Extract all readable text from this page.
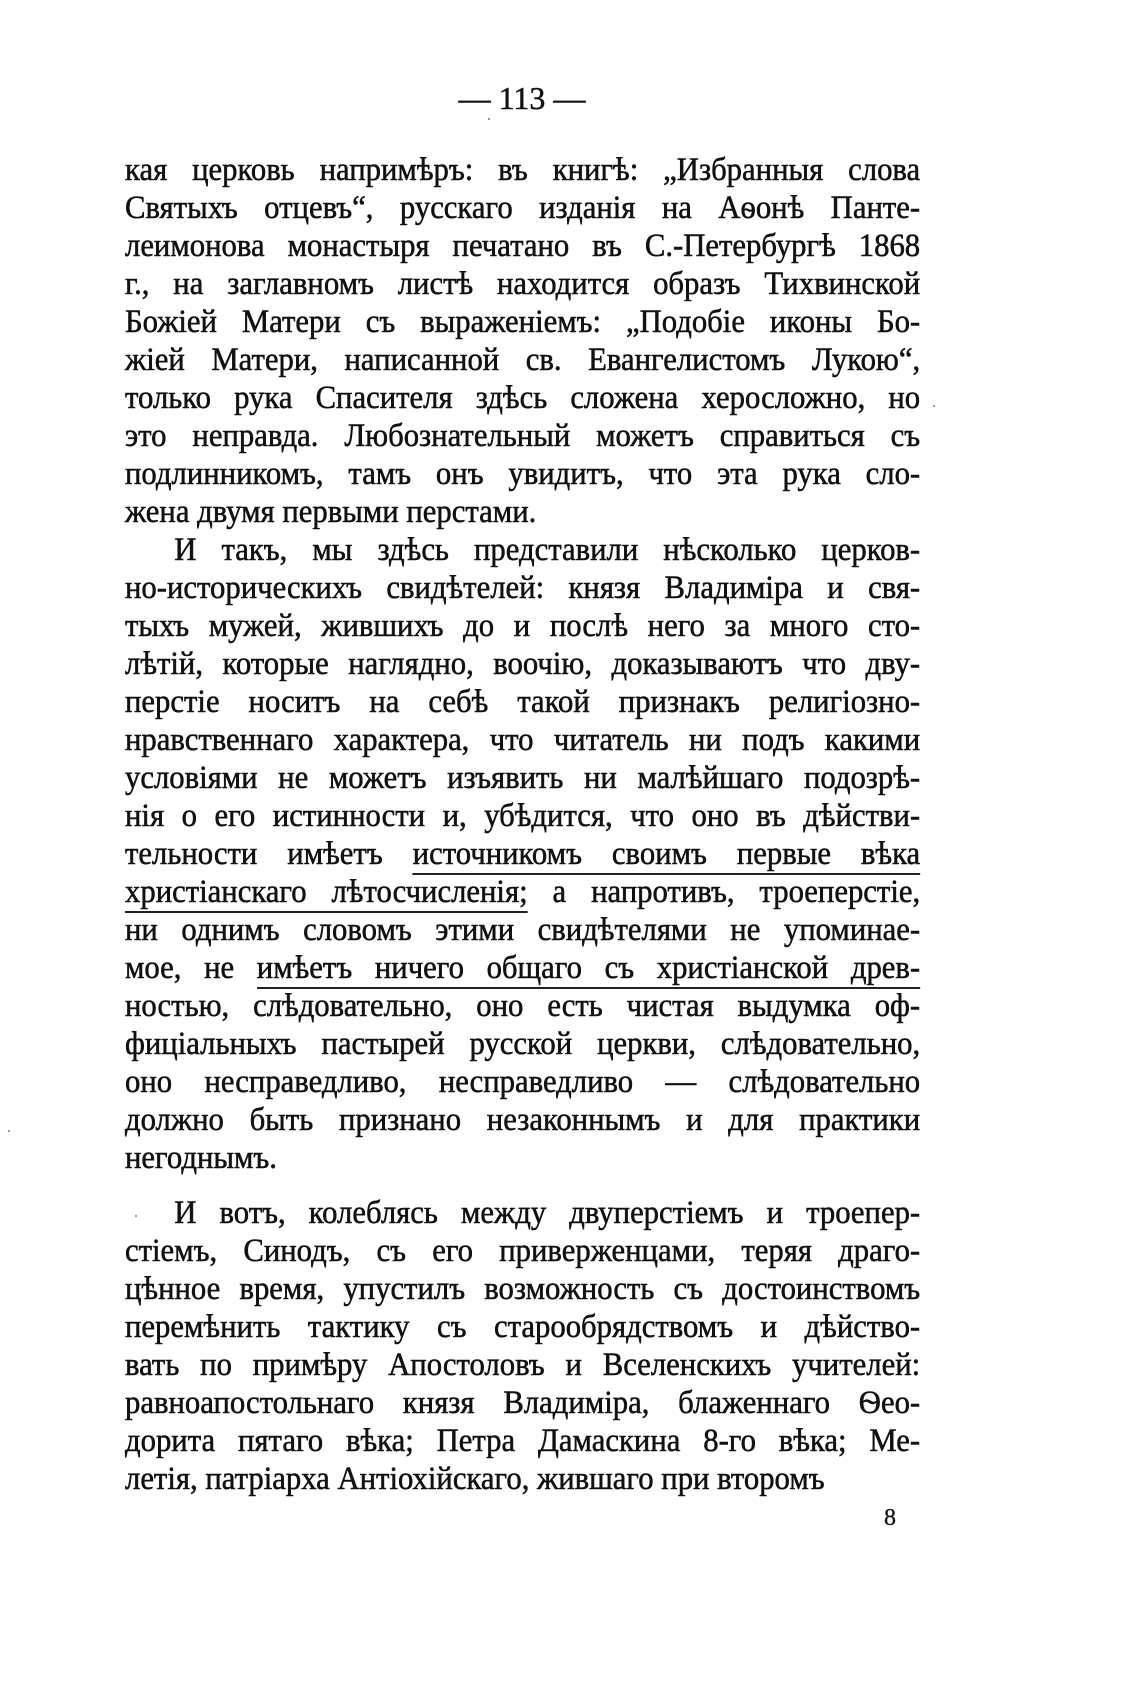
— 113 —
кая церковь напримѣръ: въ книгѣ: „Избранныя слова
Святыхъ отцевъ“, русскаго изданія на Аѳонѣ Панте-
леимонова монастыря печатано въ С.-Петербургѣ 1868
г., на заглавномъ листѣ находится образъ Тихвинской
Божіей Матери съ выраженіемъ: „Подобіе иконы Бо-
жіей Матери, написанной св. Евангелистомъ Лукою“,
только рука Спасителя здѣсь сложена херосложно, но
это неправда. Любознательный можетъ справиться съ
подлинникомъ, тамъ онъ увидитъ, что эта рука сло-
жена двумя первыми перстами.
И такъ, мы здѣсь представили нѣсколько церков-
но-историческихъ свидѣтелей: князя Владиміра и свя-
тыхъ мужей, жившихъ до и послѣ него за много сто-
лѣтій, которые наглядно, воочію, доказываютъ что дву-
перстіе носитъ на себѣ такой признакъ религіозно-
нравственнаго характера, что читатель ни подъ какими
условіями не можетъ изъявить ни малѣйшаго подозрѣ-
нія о его истинности и, убѣдится, что оно въ дѣйстви-
тельности имѣетъ источникомъ своимъ первые вѣка
христіанскаго лѣтосчисленія; а напротивъ, троеперстіе,
ни однимъ словомъ этими свидѣтелями не упоминае-
мое, не имѣетъ ничего общаго съ христіанской древ-
ностью, слѣдовательно, оно есть чистая выдумка оф-
фиціальныхъ пастырей русской церкви, слѣдовательно,
оно несправедливо, несправедливо — слѣдовательно
должно быть признано незаконнымъ и для практики
негоднымъ.
И вотъ, колеблясь между двуперстіемъ и троепер-
стіемъ, Синодъ, съ его приверженцами, теряя драго-
цѣнное время, упустилъ возможность съ достоинствомъ
перемѣнить тактику съ старообрядствомъ и дѣйство-
вать по примѣру Апостоловъ и Вселенскихъ учителей:
равноапостольнаго князя Владиміра, блаженнаго Ѳео-
дорита пятаго вѣка; Петра Дамаскина 8-го вѣка; Ме-
летія, патріарха Антіохійскаго, жившаго при второмъ
8
